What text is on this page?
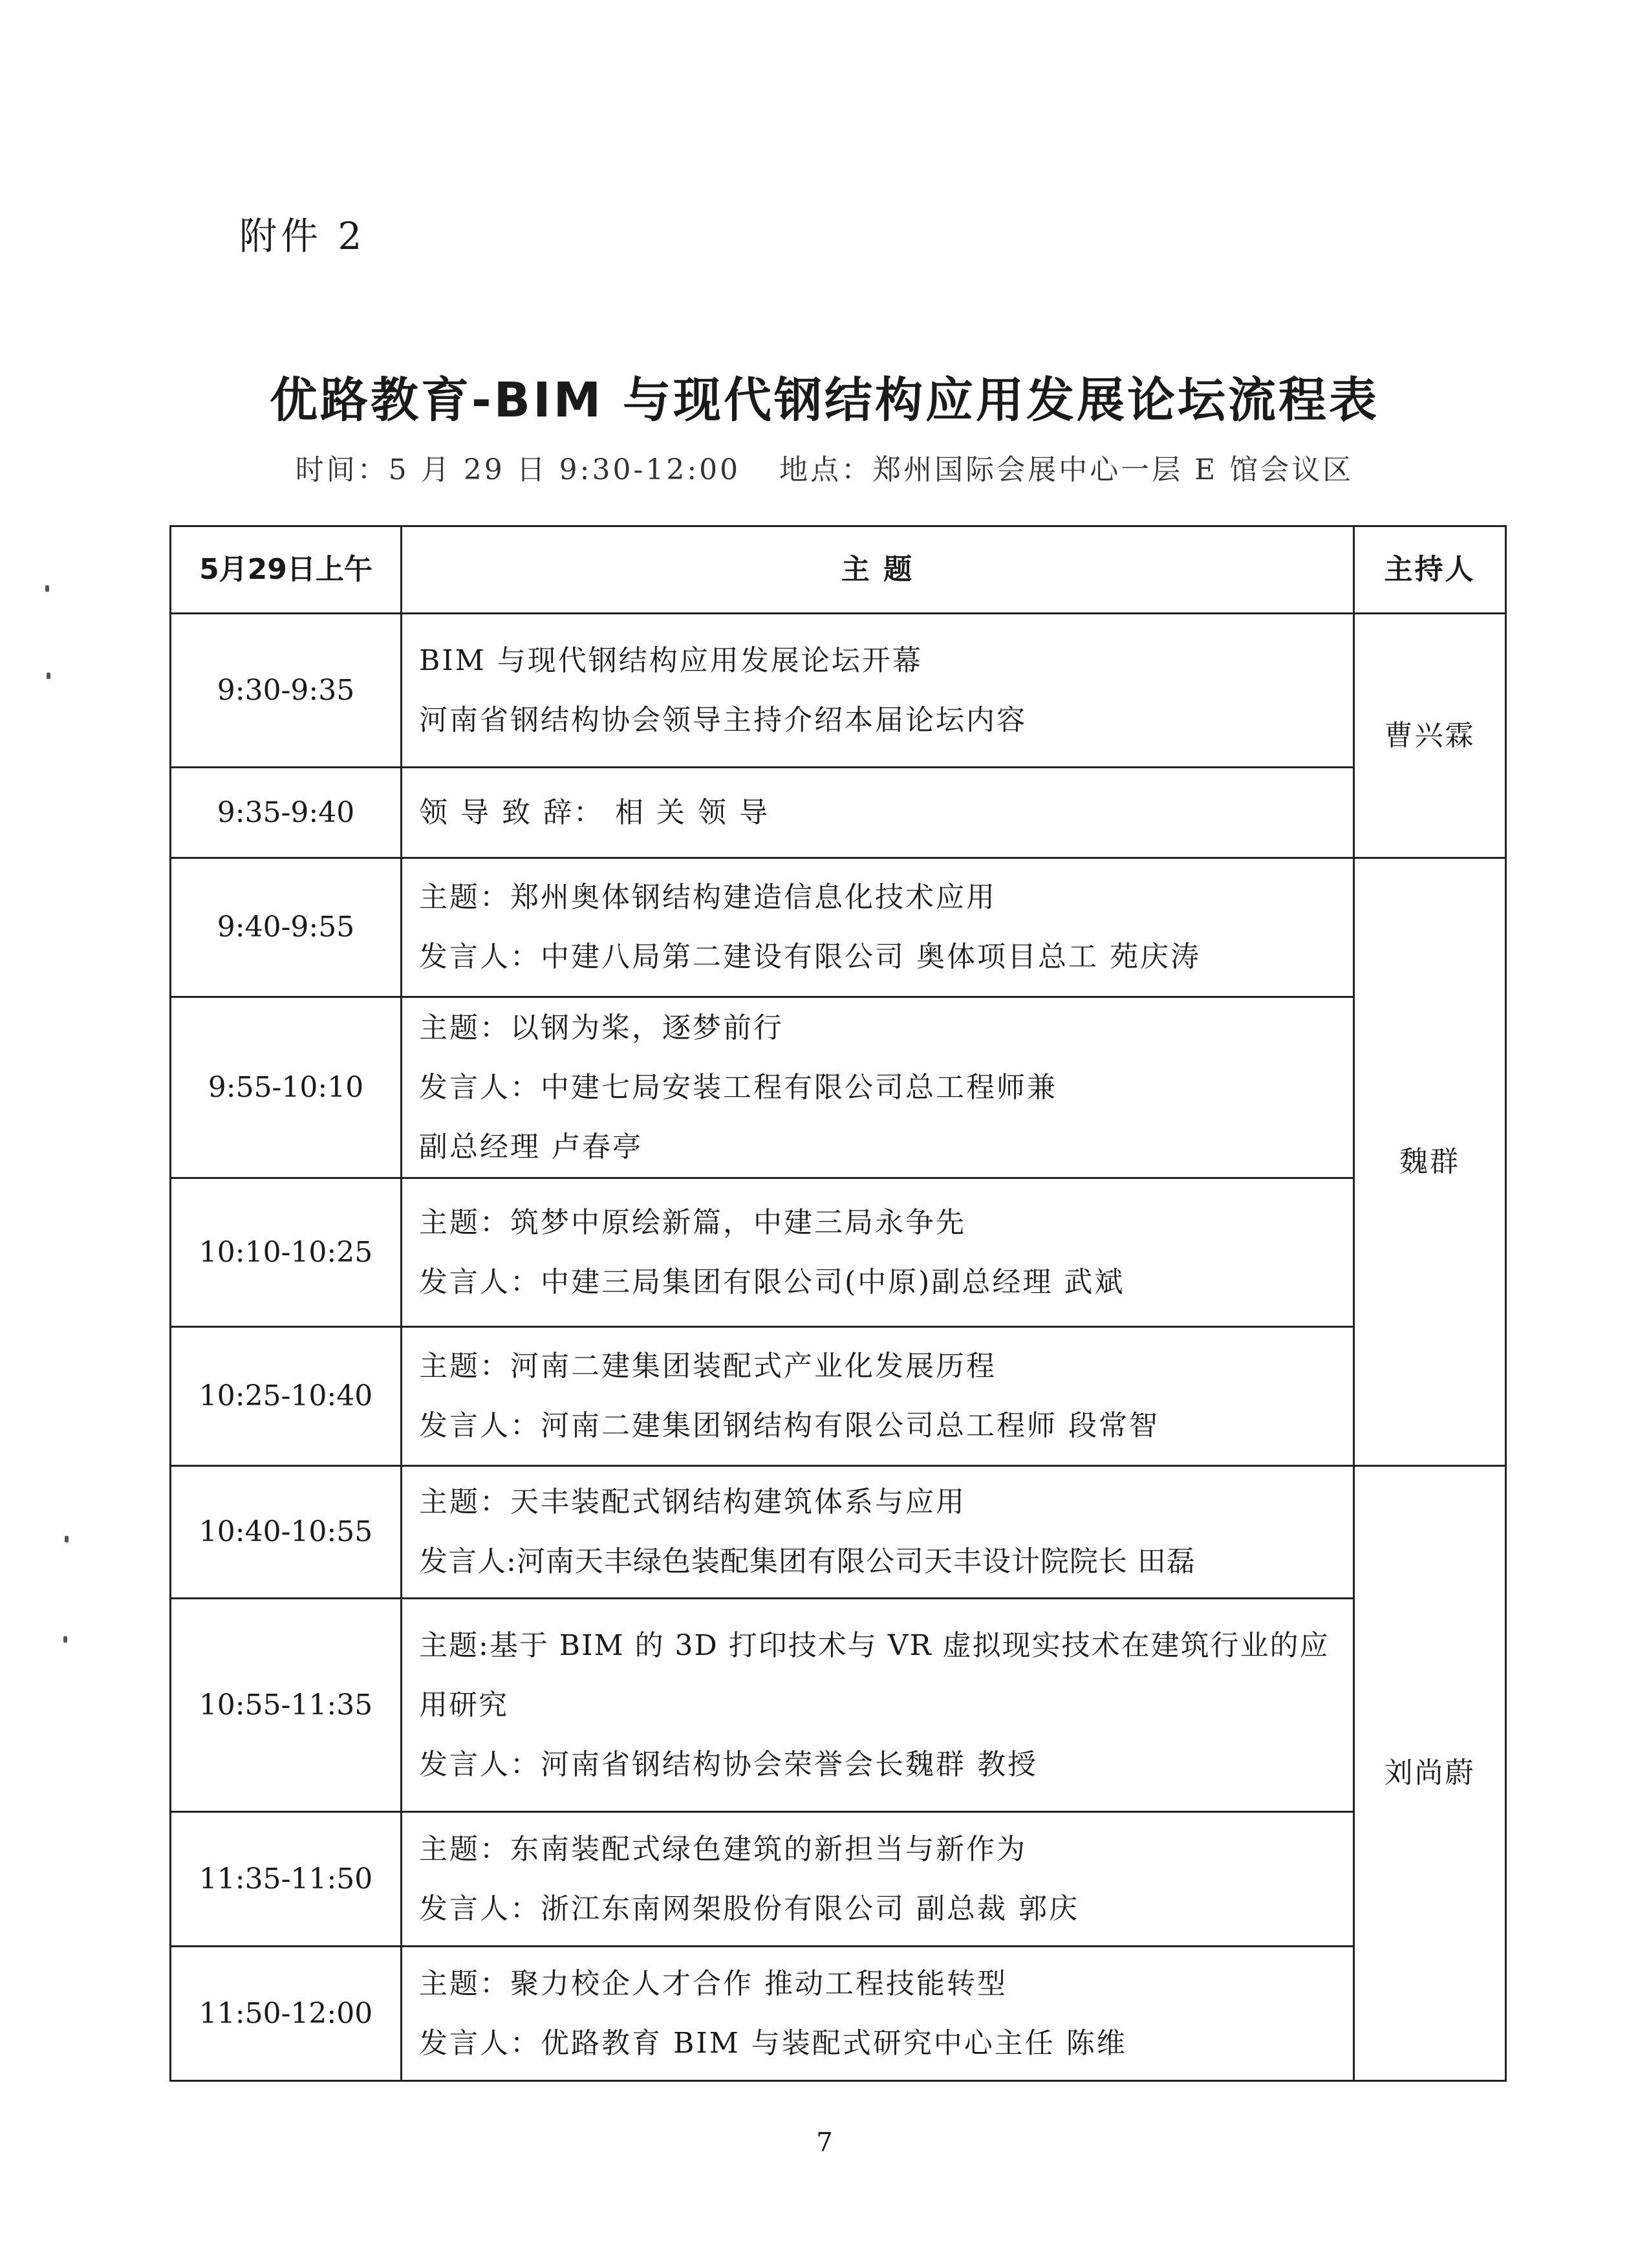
附件 2
优路教育-BIM 与现代钢结构应用发展论坛流程表
时间：5 月 29 日 9:30-12:00 地点：郑州国际会展中心一层 E 馆会议区
5月29日上午	主 题	主持人
9:30-9:35	BIM 与现代钢结构应用发展论坛开幕
河南省钢结构协会领导主持介绍本届论坛内容	曹兴霖
9:35-9:40	领 导 致 辞： 相 关 领 导	

9:40-9:55	主题：郑州奥体钢结构建造信息化技术应用
发言人：中建八局第二建设有限公司 奥体项目总工 苑庆涛	魏群
9:55-10:10	主题：以钢为桨，逐梦前行
发言人：中建七局安装工程有限公司总工程师兼
副总经理 卢春亭	

10:10-10:25	主题：筑梦中原绘新篇，中建三局永争先
发言人：中建三局集团有限公司(中原)副总经理 武斌	

10:25-10:40	主题：河南二建集团装配式产业化发展历程
发言人：河南二建集团钢结构有限公司总工程师 段常智	

10:40-10:55	主题：天丰装配式钢结构建筑体系与应用
发言人:河南天丰绿色装配集团有限公司天丰设计院院长 田磊	刘尚蔚
10:55-11:35	主题:基于 BIM 的 3D 打印技术与 VR 虚拟现实技术在建筑行业的应用研究
发言人：河南省钢结构协会荣誉会长魏群 教授	

11:35-11:50	主题：东南装配式绿色建筑的新担当与新作为
发言人：浙江东南网架股份有限公司 副总裁 郭庆	

11:50-12:00	主题：聚力校企人才合作 推动工程技能转型
发言人：优路教育 BIM 与装配式研究中心主任 陈维	
7
